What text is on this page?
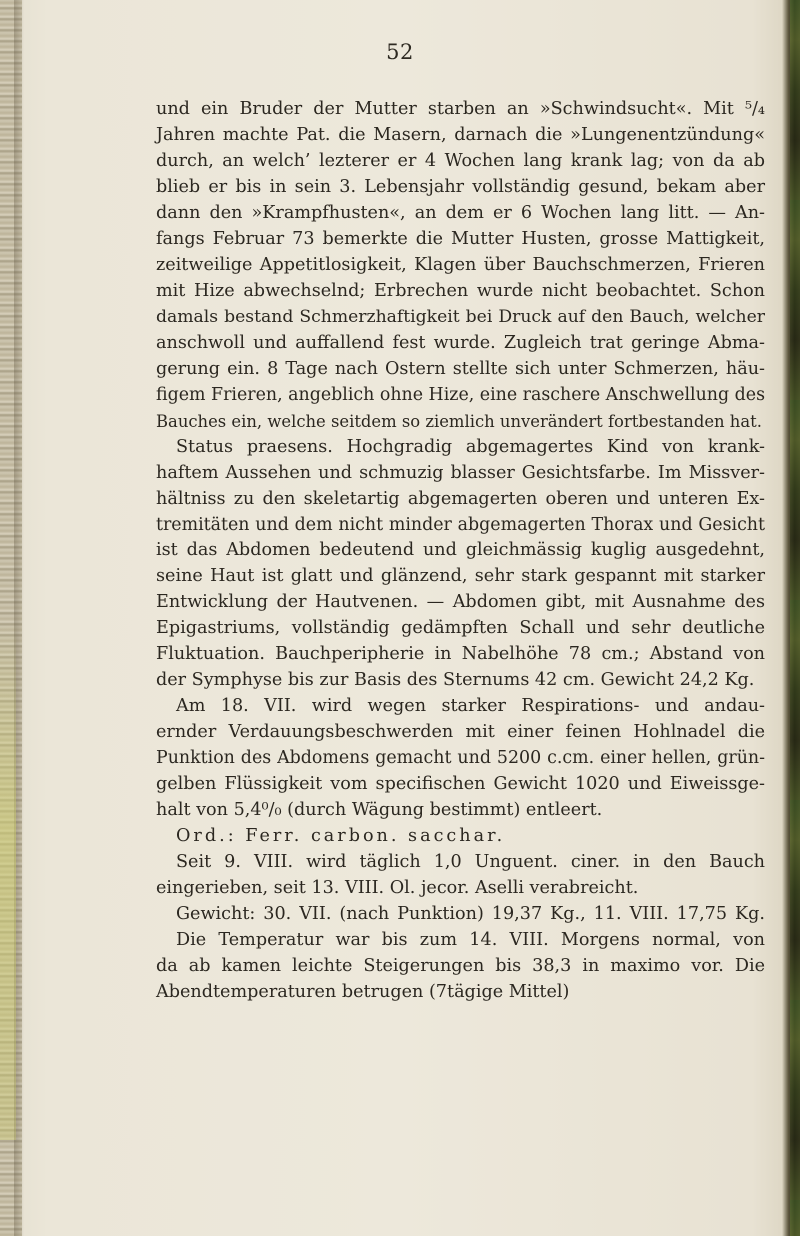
52
und ein Bruder der Mutter starben an »Schwindsucht«. Mit ⁵/₄
Jahren machte Pat. die Masern, darnach die »Lungenentzündung«
durch, an welch’ lezterer er 4 Wochen lang krank lag; von da ab
blieb er bis in sein 3. Lebensjahr vollständig gesund, bekam aber
dann den »Krampfhusten«, an dem er 6 Wochen lang litt. — An-
fangs Februar 73 bemerkte die Mutter Husten, grosse Mattigkeit,
zeitweilige Appetitlosigkeit, Klagen über Bauchschmerzen, Frieren
mit Hize abwechselnd; Erbrechen wurde nicht beobachtet. Schon
damals bestand Schmerzhaftigkeit bei Druck auf den Bauch, welcher
anschwoll und auffallend fest wurde. Zugleich trat geringe Abma-
gerung ein. 8 Tage nach Ostern stellte sich unter Schmerzen, häu-
figem Frieren, angeblich ohne Hize, eine raschere Anschwellung des
Bauches ein, welche seitdem so ziemlich unverändert fortbestanden hat.
Status praesens. Hochgradig abgemagertes Kind von krank-
haftem Aussehen und schmuzig blasser Gesichtsfarbe. Im Missver-
hältniss zu den skeletartig abgemagerten oberen und unteren Ex-
tremitäten und dem nicht minder abgemagerten Thorax und Gesicht
ist das Abdomen bedeutend und gleichmässig kuglig ausgedehnt,
seine Haut ist glatt und glänzend, sehr stark gespannt mit starker
Entwicklung der Hautvenen. — Abdomen gibt, mit Ausnahme des
Epigastriums, vollständig gedämpften Schall und sehr deutliche
Fluktuation. Bauchperipherie in Nabelhöhe 78 cm.; Abstand von
der Symphyse bis zur Basis des Sternums 42 cm. Gewicht 24,2 Kg.
Am 18. VII. wird wegen starker Respirations- und andau-
ernder Verdauungsbeschwerden mit einer feinen Hohlnadel die
Punktion des Abdomens gemacht und 5200 c.cm. einer hellen, grün-
gelben Flüssigkeit vom specifischen Gewicht 1020 und Eiweissge-
halt von 5,4⁰/₀ (durch Wägung bestimmt) entleert.
Ord.: Ferr. carbon. sacchar.
Seit 9. VIII. wird täglich 1,0 Unguent. ciner. in den Bauch
eingerieben, seit 13. VIII. Ol. jecor. Aselli verabreicht.
Gewicht: 30. VII. (nach Punktion) 19,37 Kg., 11. VIII. 17,75 Kg.
Die Temperatur war bis zum 14. VIII. Morgens normal, von
da ab kamen leichte Steigerungen bis 38,3 in maximo vor. Die
Abendtemperaturen betrugen (7tägige Mittel)
